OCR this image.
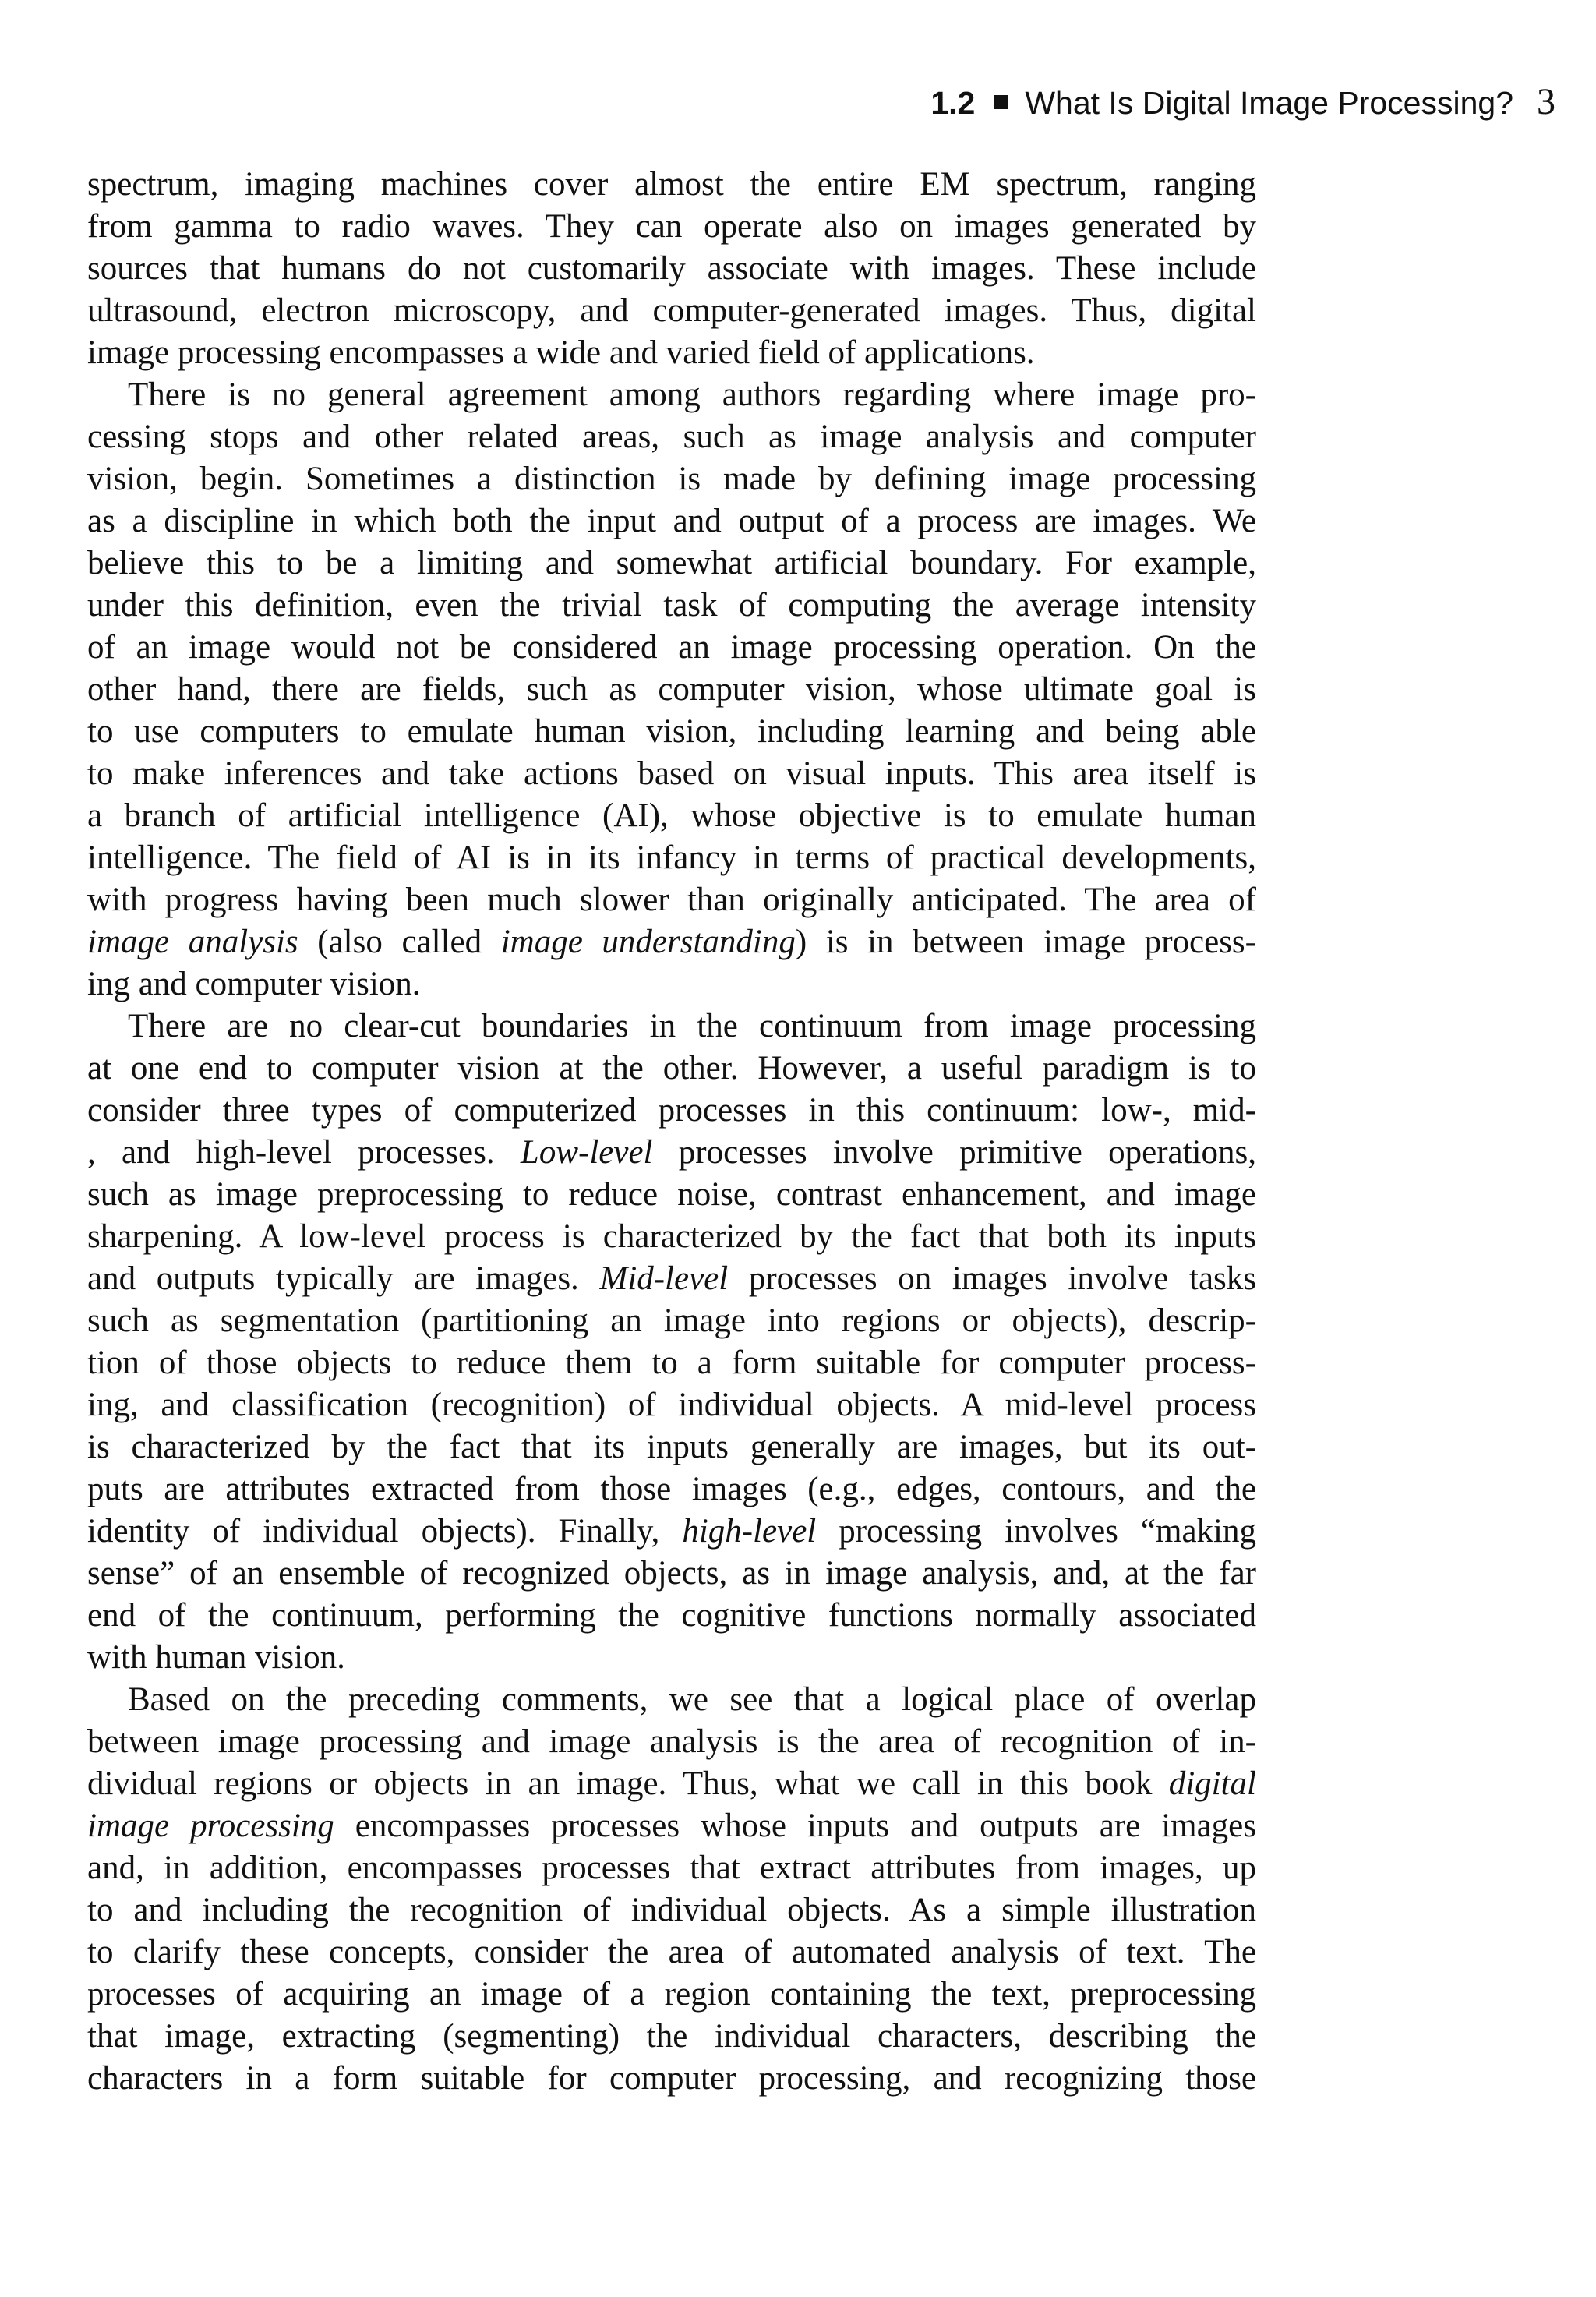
1.2 What Is Digital Image Processing? 3
spectrum, imaging machines cover almost the entire EM spectrum, ranging
from gamma to radio waves. They can operate also on images generated by
sources that humans do not customarily associate with images. These include
ultrasound, electron microscopy, and computer-generated images. Thus, digital
image processing encompasses a wide and varied field of applications.
There is no general agreement among authors regarding where image pro-
cessing stops and other related areas, such as image analysis and computer
vision, begin. Sometimes a distinction is made by defining image processing
as a discipline in which both the input and output of a process are images. We
believe this to be a limiting and somewhat artificial boundary. For example,
under this definition, even the trivial task of computing the average intensity
of an image would not be considered an image processing operation. On the
other hand, there are fields, such as computer vision, whose ultimate goal is
to use computers to emulate human vision, including learning and being able
to make inferences and take actions based on visual inputs. This area itself is
a branch of artificial intelligence (AI), whose objective is to emulate human
intelligence. The field of AI is in its infancy in terms of practical developments,
with progress having been much slower than originally anticipated. The area of
image analysis (also called image understanding) is in between image process-
ing and computer vision.
There are no clear-cut boundaries in the continuum from image processing
at one end to computer vision at the other. However, a useful paradigm is to
consider three types of computerized processes in this continuum: low-, mid-
, and high-level processes. Low-level processes involve primitive operations,
such as image preprocessing to reduce noise, contrast enhancement, and image
sharpening. A low-level process is characterized by the fact that both its inputs
and outputs typically are images. Mid-level processes on images involve tasks
such as segmentation (partitioning an image into regions or objects), descrip-
tion of those objects to reduce them to a form suitable for computer process-
ing, and classification (recognition) of individual objects. A mid-level process
is characterized by the fact that its inputs generally are images, but its out-
puts are attributes extracted from those images (e.g., edges, contours, and the
identity of individual objects). Finally, high-level processing involves “making
sense” of an ensemble of recognized objects, as in image analysis, and, at the far
end of the continuum, performing the cognitive functions normally associated
with human vision.
Based on the preceding comments, we see that a logical place of overlap
between image processing and image analysis is the area of recognition of in-
dividual regions or objects in an image. Thus, what we call in this book digital
image processing encompasses processes whose inputs and outputs are images
and, in addition, encompasses processes that extract attributes from images, up
to and including the recognition of individual objects. As a simple illustration
to clarify these concepts, consider the area of automated analysis of text. The
processes of acquiring an image of a region containing the text, preprocessing
that image, extracting (segmenting) the individual characters, describing the
characters in a form suitable for computer processing, and recognizing those
